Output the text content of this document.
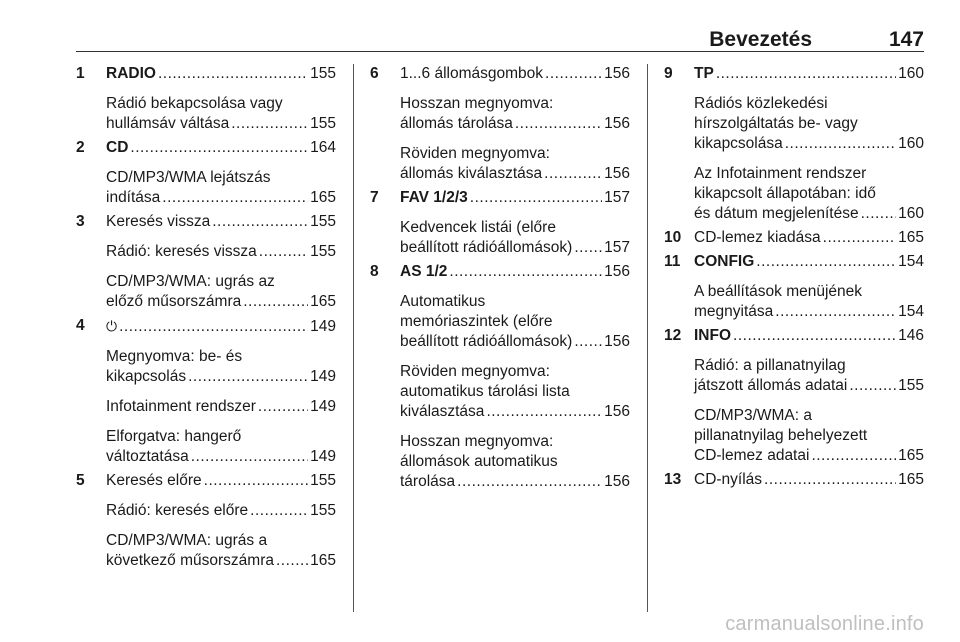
Bevezetés	147
1 RADIO .....	155
Rádió bekapcsolása vagy
hullámsáv váltása .....	155
2 CD .....	164
CD/MP3/WMA lejátszás
indítása .....	165
3 Keresés vissza .....	155
Rádió: keresés vissza .....	155
CD/MP3/WMA: ugrás az
előző műsorszámra .....	165
4 ⏻ .....	149
Megnyomva: be- és
kikapcsolás .....	149
Infotainment rendszer .....	149
Elforgatva: hangerő
változtatása .....	149
5 Keresés előre .....	155
Rádió: keresés előre .....	155
CD/MP3/WMA: ugrás a
következő műsorszámra ..... 165
6 1...6 állomásgombok .....	156
Hosszan megnyomva:
állomás tárolása .....	156
Röviden megnyomva:
állomás kiválasztása .....	156
7 FAV 1/2/3 .....	157
Kedvencek listái (előre
beállított rádióállomások) ..... 157
8 AS 1/2 .....	156
Automatikus
memóriaszintek (előre
beállított rádióállomások) ..... 156
Röviden megnyomva:
automatikus tárolási lista
kiválasztása .....	156
Hosszan megnyomva:
állomások automatikus
tárolása .....	156
9 TP .....	160
Rádiós közlekedési
hírszolgáltatás be- vagy
kikapcsolása .....	160
Az Infotainment rendszer
kikapcsolt állapotában: idő
és dátum megjelenítése .....	160
10 CD-lemez kiadása .....	165
11 CONFIG .....	154
A beállítások menüjének
megnyitása .....	154
12 INFO .....	146
Rádió: a pillanatnyilag
játszott állomás adatai .....	155
CD/MP3/WMA: a
pillanatnyilag behelyezett
CD-lemez adatai .....	165
13 CD-nyílás .....	165
carmanualsonline.info
